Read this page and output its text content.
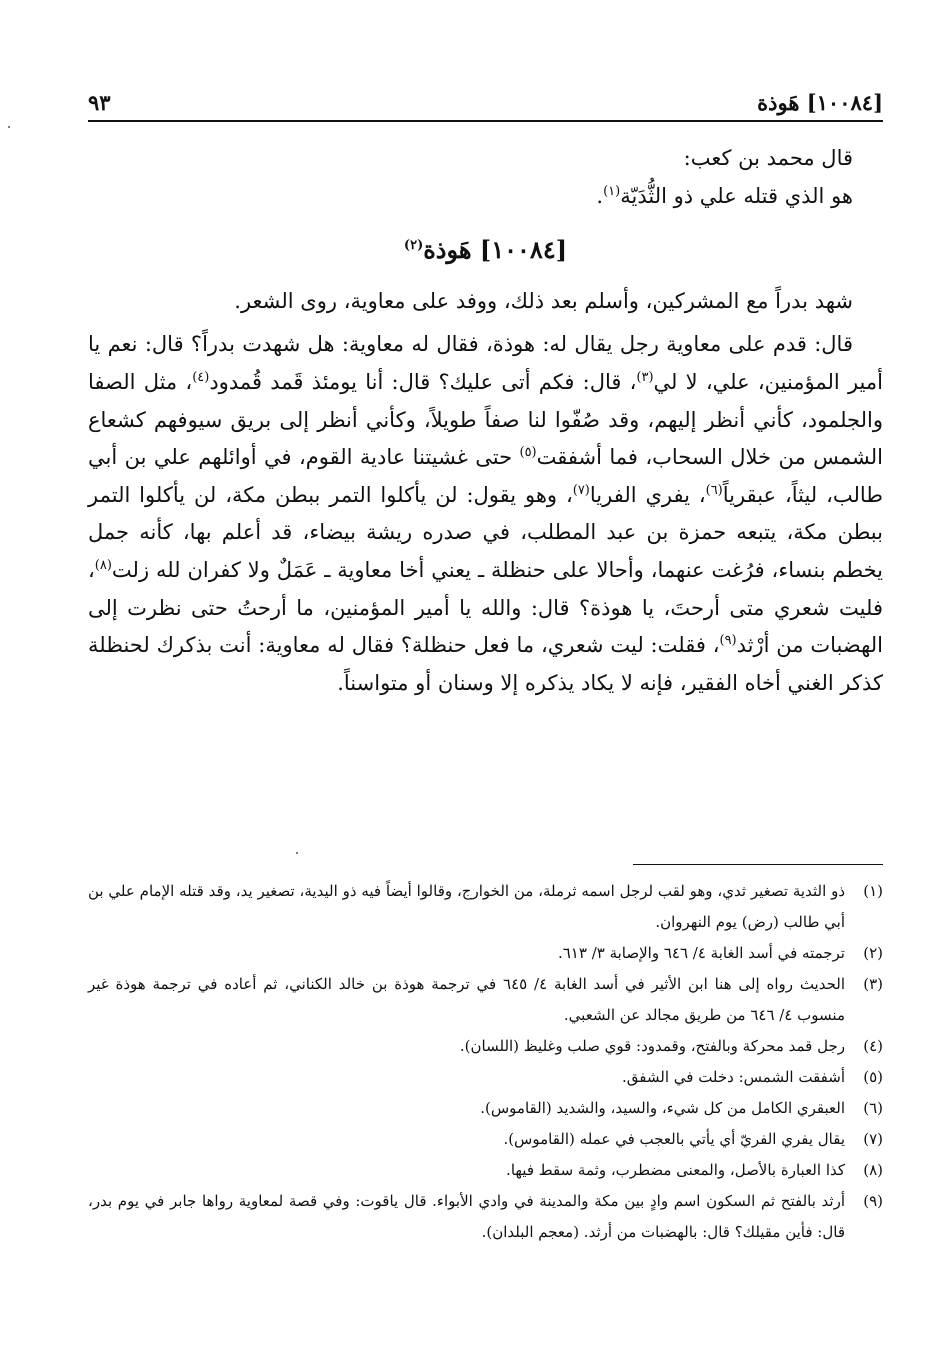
[١٠٠٨٤] هَوذة
٩٣

قال محمد بن كعب:

هو الذي قتله علي ذو الثُّدَيّة$^{(١)}$.

[١٠٠٨٤] هَوذة$^{(٢)}$

شهد بدراً مع المشركين، وأسلم بعد ذلك، ووفد على معاوية، روى الشعر.

قال: قدم على معاوية رجل يقال له: هوذة، فقال له معاوية: هل شهدت بدراً؟ قال: نعم يا أمير المؤمنين، علي، لا لي$^{(٣)}$، قال: فكم أتى عليك؟ قال: أنا يومئذ قَمد قُمدود$^{(٤)}$، مثل الصفا والجلمود، كأني أنظر إليهم، وقد صُفّوا لنا صفاً طويلاً، وكأني أنظر إلى بريق سيوفهم كشعاع الشمس من خلال السحاب، فما أشفقت$^{(٥)}$ حتى غشيتنا عادية القوم، في أوائلهم علي بن أبي طالب، ليثاً، عبقرياً$^{(٦)}$، يفري الفريا$^{(٧)}$، وهو يقول: لن يأكلوا التمر ببطن مكة، لن يأكلوا التمر ببطن مكة، يتبعه حمزة بن عبد المطلب، في صدره ريشة بيضاء، قد أعلم بها، كأنه جمل يخطم بنساء، فرُغت عنهما، وأحالا على حنظلة ـ يعني أخا معاوية ـ عَمَلٌ ولا كفران لله زلت$^{(٨)}$، فليت شعري متى أرحتَ، يا هوذة؟ قال: والله يا أمير المؤمنين، ما أرحتُ حتى نظرت إلى الهضبات من أرْثد$^{(٩)}$، فقلت: ليت شعري، ما فعل حنظلة؟ فقال له معاوية: أنت بذكرك لحنظلة كذكر الغني أخاه الفقير، فإنه لا يكاد يذكره إلا وسنان أو متواسناً.

(١)
ذو الثدية تصغير ثدي، وهو لقب لرجل اسمه ثرملة، من الخوارج، وقالوا أيضاً فيه ذو اليدية، تصغير يد، وقد قتله الإمام علي بن أبي طالب (رض) يوم النهروان.
(٢)
ترجمته في أسد الغابة ٤/ ٦٤٦ والإصابة ٣/ ٦١٣.
(٣)
الحديث رواه إلى هنا ابن الأثير في أسد الغابة ٤/ ٦٤٥ في ترجمة هوذة بن خالد الكناني، ثم أعاده في ترجمة هوذة غير منسوب ٤/ ٦٤٦ من طريق مجالد عن الشعبي.
(٤)
رجل قمد محركة وبالفتح، وقمدود: قوي صلب وغليظ (اللسان).
(٥)
أشفقت الشمس: دخلت في الشفق.
(٦)
العبقري الكامل من كل شيء، والسيد، والشديد (القاموس).
(٧)
يقال يفري الفريّ أي يأتي بالعجب في عمله (القاموس).
(٨)
كذا العبارة بالأصل، والمعنى مضطرب، وثمة سقط فيها.
(٩)
أرثد بالفتح ثم السكون اسم وادٍ بين مكة والمدينة في وادي الأبواء. قال ياقوت: وفي قصة لمعاوية رواها جابر في يوم بدر، قال: فأين مقيلك؟ قال: بالهضبات من أرثد. (معجم البلدان).
